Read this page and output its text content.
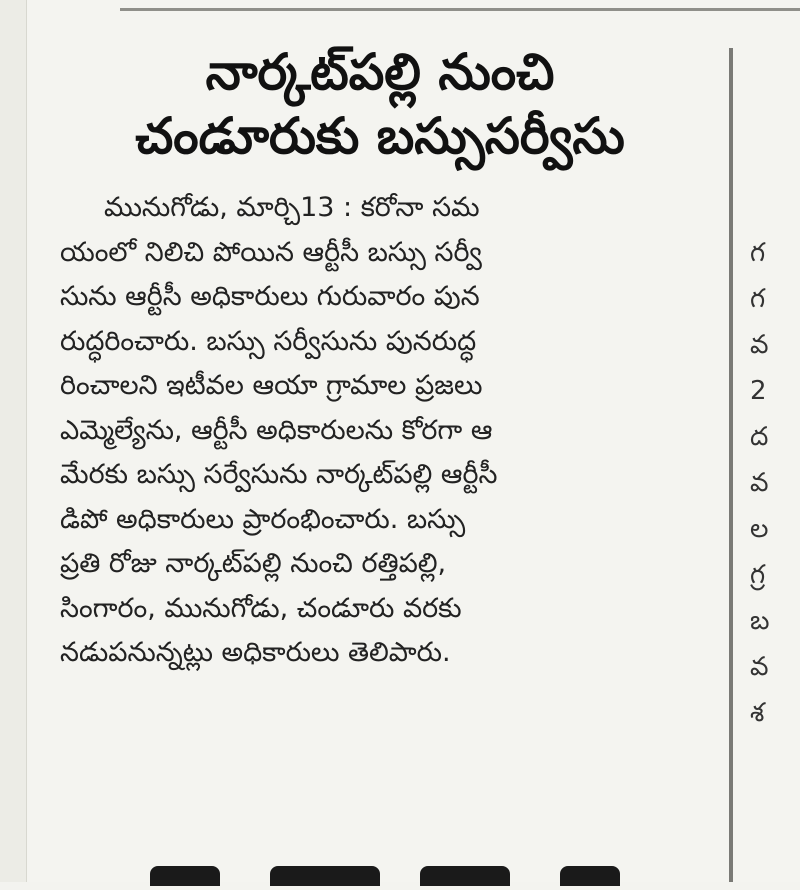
నార్కట్‌పల్లి నుంచి
చండూరుకు బస్సుసర్వీసు
మునుగోడు, మార్చి13 : కరోనా సమ
యంలో నిలిచి పోయిన ఆర్టీసీ బస్సు సర్వీ
సును ఆర్టీసీ అధికారులు గురువారం పున
రుద్ధరించారు. బస్సు సర్వీసును పునరుద్ధ
రించాలని ఇటీవల ఆయా గ్రామాల ప్రజలు
ఎమ్మెల్యేను, ఆర్టీసీ అధికారులను కోరగా ఆ
మేరకు బస్సు సర్వేసును నార్కట్‌పల్లి ఆర్టీసీ
డిపో అధికారులు ప్రారంభించారు. బస్సు
ప్రతి రోజు నార్కట్‌పల్లి నుంచి రత్తిపల్లి,
సింగారం, మునుగోడు, చండూరు వరకు
నడుపనున్నట్లు అధికారులు తెలిపారు.
గ
గ
వ
2
ద
వ
ల
గ్ర
బ
వ
శ
